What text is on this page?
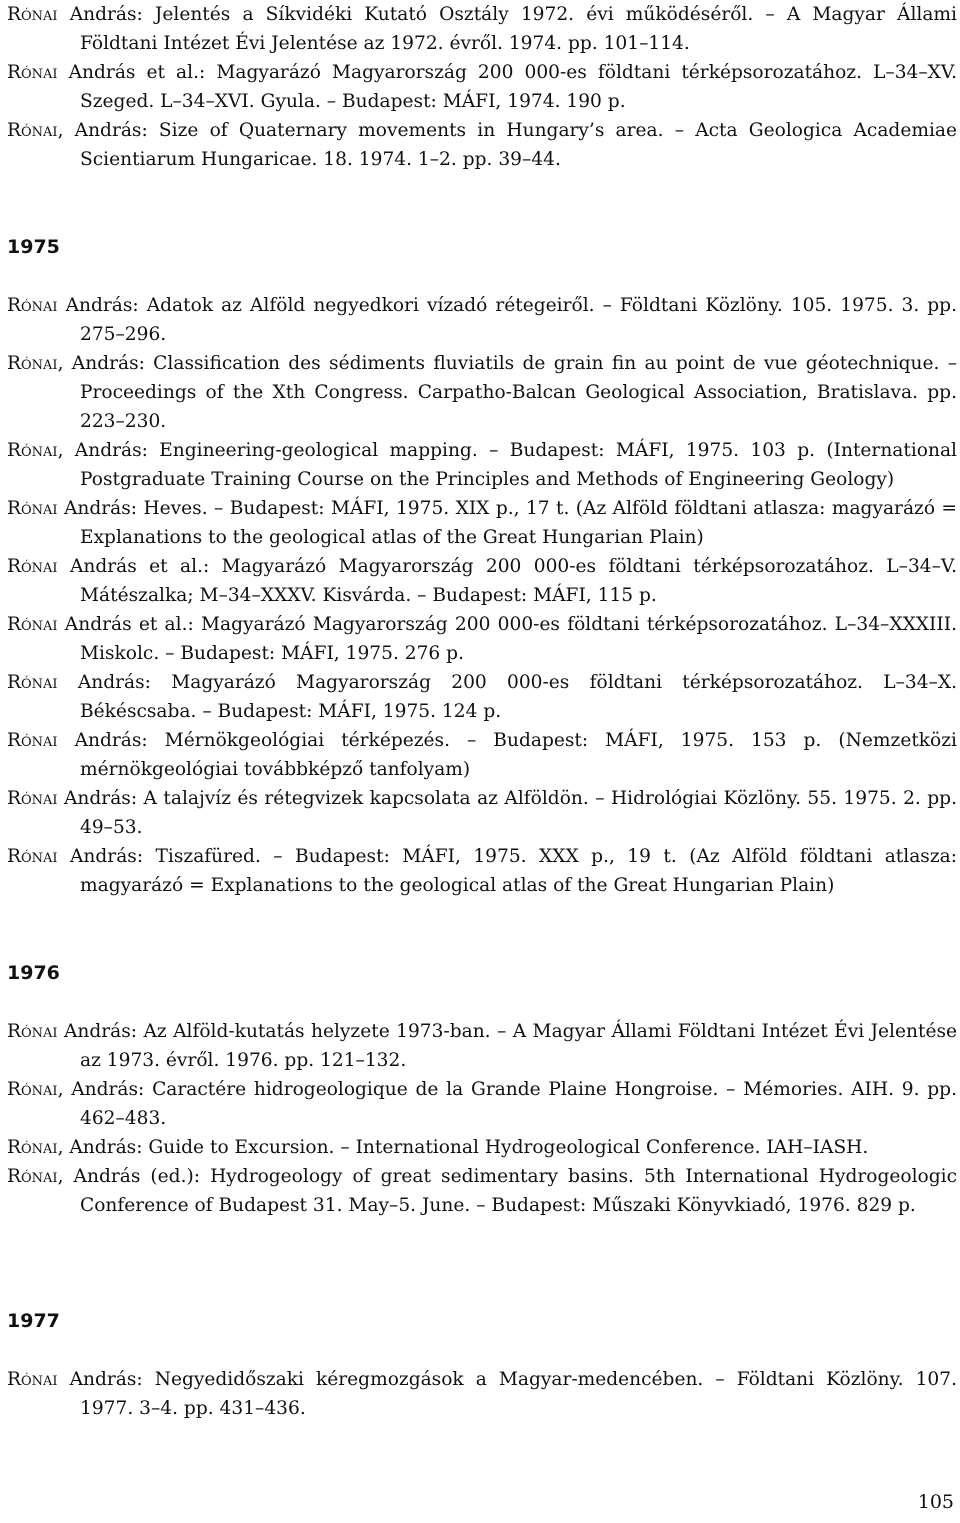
Rónai András: Jelentés a Síkvidéki Kutató Osztály 1972. évi működéséről. – A Magyar Állami Földtani Intézet Évi Jelentése az 1972. évről. 1974. pp. 101–114.
Rónai András et al.: Magyarázó Magyarország 200 000-es földtani térképsorozatához. L–34–XV. Szeged. L–34–XVI. Gyula. – Budapest: MÁFI, 1974. 190 p.
Rónai, András: Size of Quaternary movements in Hungary’s area. – Acta Geologica Academiae Scientiarum Hungaricae. 18. 1974. 1–2. pp. 39–44.
1975
Rónai András: Adatok az Alföld negyedkori vízadó rétegeiről. – Földtani Közlöny. 105. 1975. 3. pp. 275–296.
Rónai, András: Classification des sédiments fluviatils de grain fin au point de vue géotechnique. – Proceedings of the Xth Congress. Carpatho-Balcan Geological Association, Bratislava. pp. 223–230.
Rónai, András: Engineering-geological mapping. – Budapest: MÁFI, 1975. 103 p. (International Postgraduate Training Course on the Principles and Methods of Engineering Geology)
Rónai András: Heves. – Budapest: MÁFI, 1975. XIX p., 17 t. (Az Alföld földtani atlasza: magyarázó = Explanations to the geological atlas of the Great Hungarian Plain)
Rónai András et al.: Magyarázó Magyarország 200 000-es földtani térképsorozatához. L–34–V. Mátészalka; M–34–XXXV. Kisvárda. – Budapest: MÁFI, 115 p.
Rónai András et al.: Magyarázó Magyarország 200 000-es földtani térképsorozatához. L–34–XXXIII. Miskolc. – Budapest: MÁFI, 1975. 276 p.
Rónai András: Magyarázó Magyarország 200 000-es földtani térképsorozatához. L–34–X. Békéscsaba. – Budapest: MÁFI, 1975. 124 p.
Rónai András: Mérnökgeológiai térképezés. – Budapest: MÁFI, 1975. 153 p. (Nemzetközi mérnökgeológiai továbbképző tanfolyam)
Rónai András: A talajvíz és rétegvizek kapcsolata az Alföldön. – Hidrológiai Közlöny. 55. 1975. 2. pp. 49–53.
Rónai András: Tiszafüred. – Budapest: MÁFI, 1975. XXX p., 19 t. (Az Alföld földtani atlasza: magyarázó = Explanations to the geological atlas of the Great Hungarian Plain)
1976
Rónai András: Az Alföld-kutatás helyzete 1973-ban. – A Magyar Állami Földtani Intézet Évi Jelentése az 1973. évről. 1976. pp. 121–132.
Rónai, András: Caractére hidrogeologique de la Grande Plaine Hongroise. – Mémories. AIH. 9. pp. 462–483.
Rónai, András: Guide to Excursion. – International Hydrogeological Conference. IAH–IASH.
Rónai, András (ed.): Hydrogeology of great sedimentary basins. 5th International Hydrogeologic Conference of Budapest 31. May–5. June. – Budapest: Műszaki Könyvkiadó, 1976. 829 p.
1977
Rónai András: Negyedidőszaki kéregmozgások a Magyar-medencében. – Földtani Közlöny. 107. 1977. 3–4. pp. 431–436.
105
